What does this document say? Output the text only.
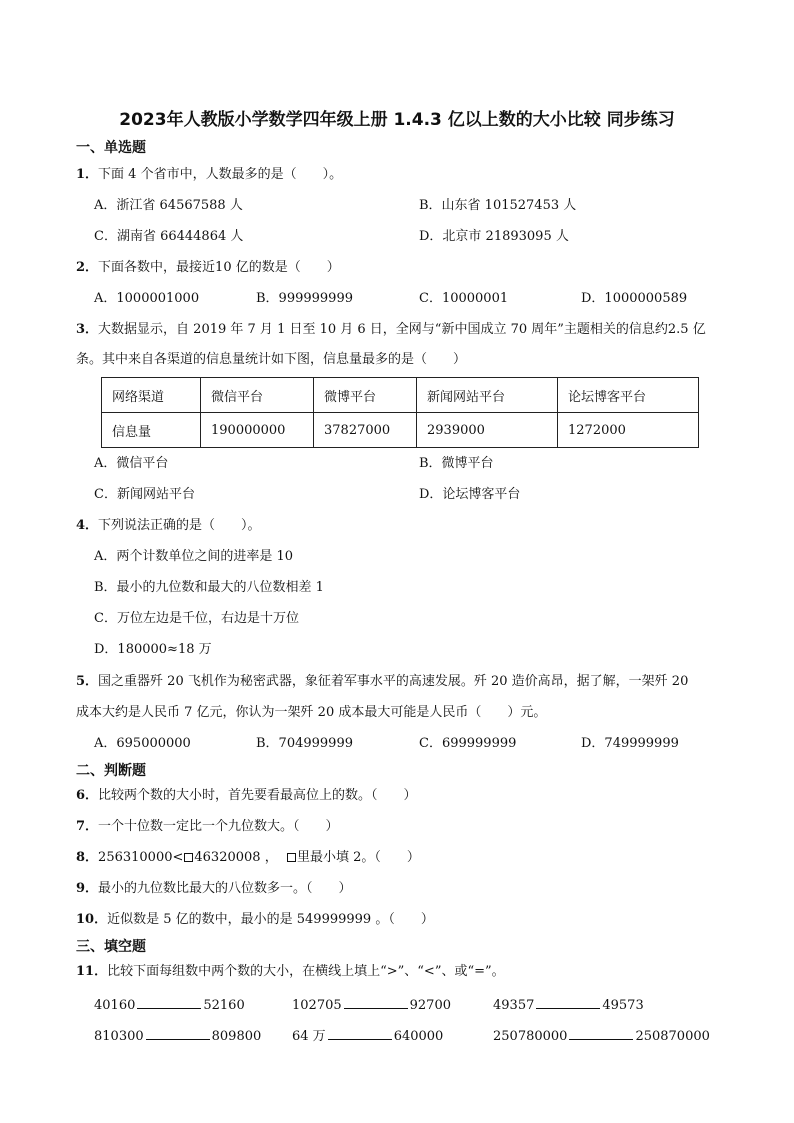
2023年人教版小学数学四年级上册 1.4.3 亿以上数的大小比较 同步练习
一、单选题
1．下面 4 个省市中，人数最多的是（　　）。
A．浙江省 64567588 人	B．山东省 101527453 人
C．湖南省 66444864 人	D．北京市 21893095 人
2．下面各数中，最接近10 亿的数是（　　）
A．1000001000	B．999999999	C．10000001	D．1000000589
3．大数据显示，自 2019 年 7 月 1 日至 10 月 6 日，全网与“新中国成立 70 周年”主题相关的信息约2.5 亿
条。其中来自各渠道的信息量统计如下图，信息量最多的是（　　）
网络渠道	微信平台	微博平台	新闻网站平台	论坛博客平台
信息量	190000000	37827000	2939000	1272000
A．微信平台	B．微博平台
C．新闻网站平台	D．论坛博客平台
4．下列说法正确的是（　　）。
A．两个计数单位之间的进率是 10
B．最小的九位数和最大的八位数相差 1
C．万位左边是千位，右边是十万位
D．180000≈18 万
5．国之重器歼 20 飞机作为秘密武器，象征着军事水平的高速发展。歼 20 造价高昂，据了解，一架歼 20
成本大约是人民币 7 亿元，你认为一架歼 20 成本最大可能是人民币（　　）元。
A．695000000	B．704999999	C．699999999	D．749999999
二、判断题
6．比较两个数的大小时，首先要看最高位上的数。（　　）
7．一个十位数一定比一个九位数大。（　　）
8．256310000< 46320008 ， 里最小填 2。（　　）
9．最小的九位数比最大的八位数多一。（　　）
10．近似数是 5 亿的数中，最小的是 549999999 。（　　）
三、填空题
11．比较下面每组数中两个数的大小，在横线上填上“>”、“<”、或“=”。
40160	52160	102705	92700	49357	49573
810300	809800 64 万	640000	250780000	250870000
